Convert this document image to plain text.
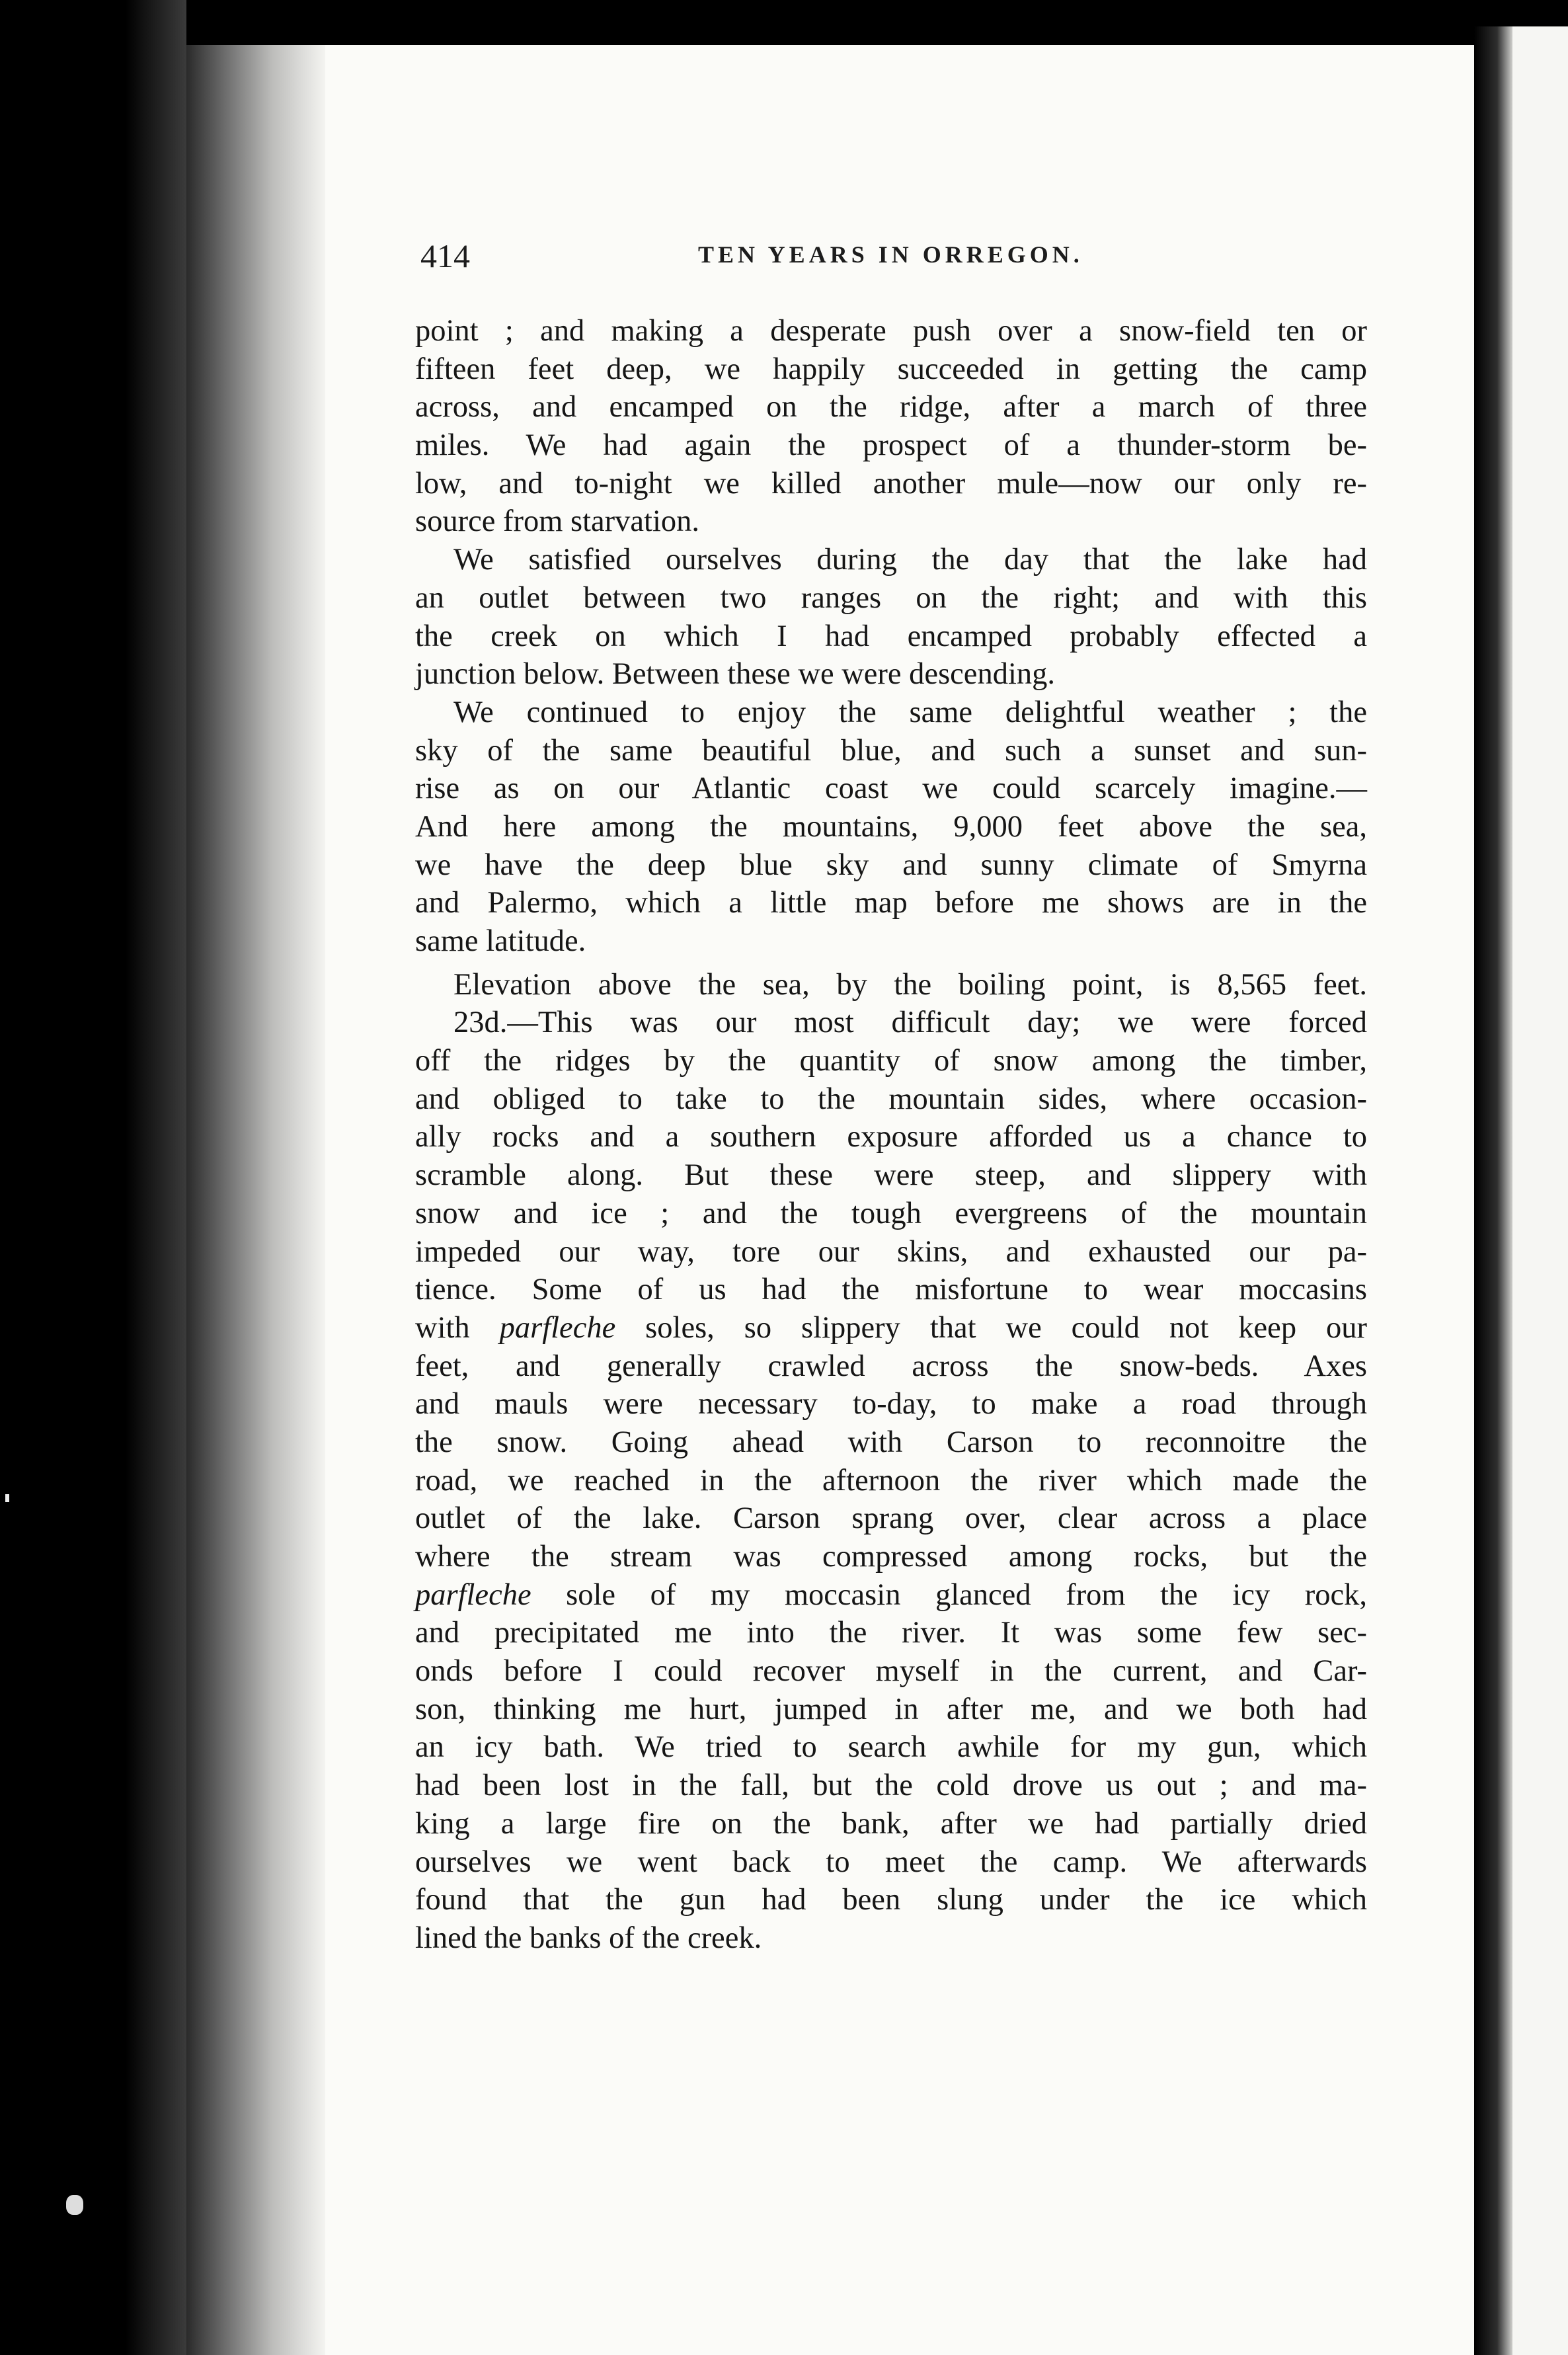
414	TEN YEARS IN ORREGON.
point ; and making a desperate push over a snow-field ten or
fifteen feet deep, we happily succeeded in getting the camp
across, and encamped on the ridge, after a march of three
miles. We had again the prospect of a thunder-storm be-
low, and to-night we killed another mule—now our only re-
source from starvation.
We satisfied ourselves during the day that the lake had
an outlet between two ranges on the right; and with this
the creek on which I had encamped probably effected a
junction below. Between these we were descending.
We continued to enjoy the same delightful weather ; the
sky of the same beautiful blue, and such a sunset and sun-
rise as on our Atlantic coast we could scarcely imagine.—
And here among the mountains, 9,000 feet above the sea,
we have the deep blue sky and sunny climate of Smyrna
and Palermo, which a little map before me shows are in the
same latitude.
Elevation above the sea, by the boiling point, is 8,565 feet.
23d.—This was our most difficult day; we were forced
off the ridges by the quantity of snow among the timber,
and obliged to take to the mountain sides, where occasion-
ally rocks and a southern exposure afforded us a chance to
scramble along. But these were steep, and slippery with
snow and ice ; and the tough evergreens of the mountain
impeded our way, tore our skins, and exhausted our pa-
tience. Some of us had the misfortune to wear moccasins
with parfleche soles, so slippery that we could not keep our
feet, and generally crawled across the snow-beds. Axes
and mauls were necessary to-day, to make a road through
the snow. Going ahead with Carson to reconnoitre the
road, we reached in the afternoon the river which made the
outlet of the lake. Carson sprang over, clear across a place
where the stream was compressed among rocks, but the
parfleche sole of my moccasin glanced from the icy rock,
and precipitated me into the river. It was some few sec-
onds before I could recover myself in the current, and Car-
son, thinking me hurt, jumped in after me, and we both had
an icy bath. We tried to search awhile for my gun, which
had been lost in the fall, but the cold drove us out ; and ma-
king a large fire on the bank, after we had partially dried
ourselves we went back to meet the camp. We afterwards
found that the gun had been slung under the ice which
lined the banks of the creek.
